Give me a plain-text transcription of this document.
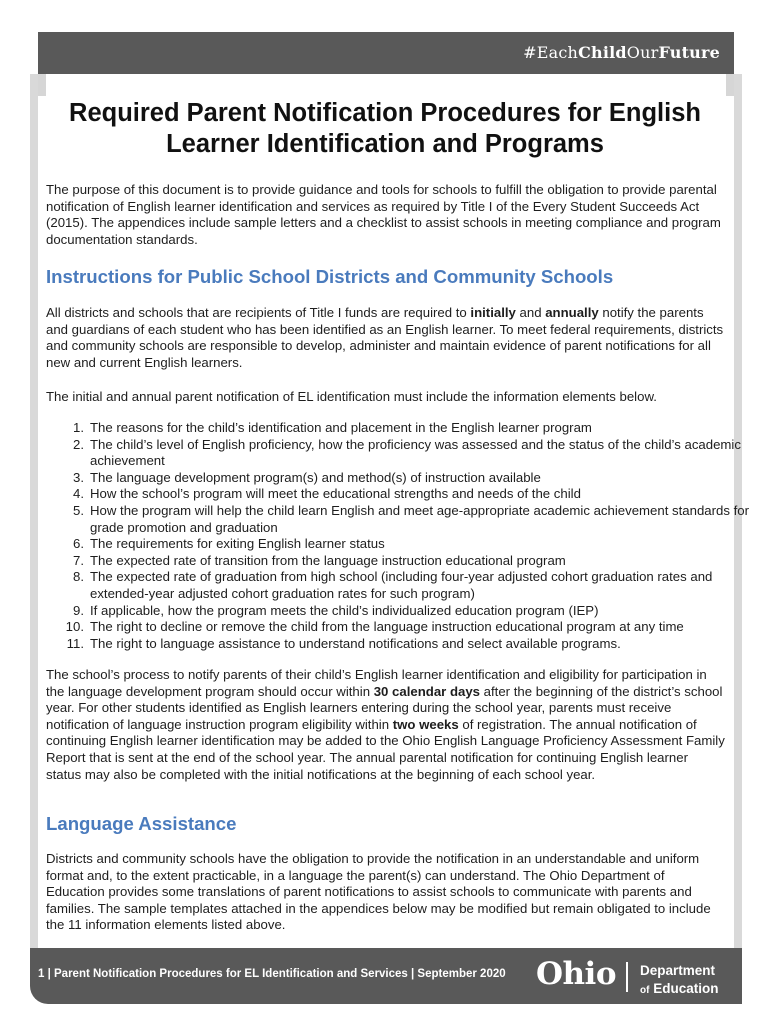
#EachChildOurFuture
Required Parent Notification Procedures for English
Learner Identification and Programs
The purpose of this document is to provide guidance and tools for schools to fulfill the obligation to provide parental notification of English learner identification and services as required by Title I of the Every Student Succeeds Act (2015). The appendices include sample letters and a checklist to assist schools in meeting compliance and program documentation standards.
Instructions for Public School Districts and Community Schools
All districts and schools that are recipients of Title I funds are required to initially and annually notify the parents and guardians of each student who has been identified as an English learner. To meet federal requirements, districts and community schools are responsible to develop, administer and maintain evidence of parent notifications for all new and current English learners.
The initial and annual parent notification of EL identification must include the information elements below.
1. The reasons for the child’s identification and placement in the English learner program
2. The child’s level of English proficiency, how the proficiency was assessed and the status of the child’s academic achievement
3. The language development program(s) and method(s) of instruction available
4. How the school’s program will meet the educational strengths and needs of the child
5. How the program will help the child learn English and meet age-appropriate academic achievement standards for grade promotion and graduation
6. The requirements for exiting English learner status
7. The expected rate of transition from the language instruction educational program
8. The expected rate of graduation from high school (including four-year adjusted cohort graduation rates and extended-year adjusted cohort graduation rates for such program)
9. If applicable, how the program meets the child’s individualized education program (IEP)
10. The right to decline or remove the child from the language instruction educational program at any time
11. The right to language assistance to understand notifications and select available programs.
The school’s process to notify parents of their child’s English learner identification and eligibility for participation in the language development program should occur within 30 calendar days after the beginning of the district’s school year. For other students identified as English learners entering during the school year, parents must receive notification of language instruction program eligibility within two weeks of registration. The annual notification of continuing English learner identification may be added to the Ohio English Language Proficiency Assessment Family Report that is sent at the end of the school year. The annual parental notification for continuing English learner status may also be completed with the initial notifications at the beginning of each school year.
Language Assistance
Districts and community schools have the obligation to provide the notification in an understandable and uniform format and, to the extent practicable, in a language the parent(s) can understand. The Ohio Department of Education provides some translations of parent notifications to assist schools to communicate with parents and families. The sample templates attached in the appendices below may be modified but remain obligated to include the 11 information elements listed above.
1 | Parent Notification Procedures for EL Identification and Services | September 2020 Ohio Department
of Education
